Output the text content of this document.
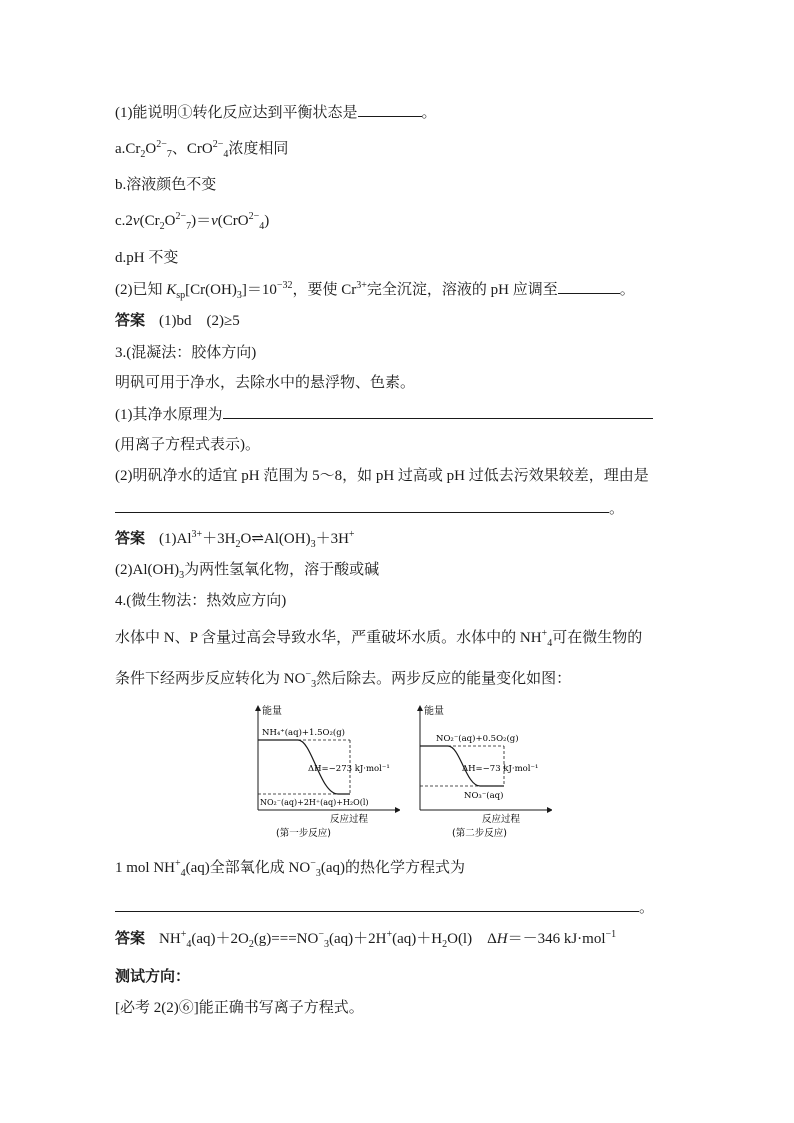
(1)能说明①转化反应达到平衡状态是	。
$a.Cr_2O^{2-}_7$、CrO$^{2-}_4$浓度相同
b.溶液颜色不变
$c.2v(Cr_2O^{2-}_7)=v(CrO^{2-}_4)$
d.pH 不变
(2)已知 $K_{sp}[Cr(OH)_3]=10^{-32}$，要使 $Cr^{3+}$完全沉淀，溶液的 pH 应调至	。
答案 (1)bd　(2)≥5
3.(混凝法：胶体方向)
明矾可用于净水，去除水中的悬浮物、色素。
(1)其净水原理为
(用离子方程式表示)。
(2)明矾净水的适宜 pH 范围为 5～8，如 pH 过高或 pH 过低去污效果较差，理由是
。
答案 $(1)Al^{3+}+3H_2O\rightleftharpoons Al(OH)_3+3H^+$
$(2)Al(OH)_3$为两性氢氧化物，溶于酸或碱
4.(微生物法：热效应方向)
水体中 N、P 含量过高会导致水华，严重破坏水质。水体中的 $NH^+_4$可在微生物的
条件下经两步反应转化为 $NO^-_3$然后除去。两步反应的能量变化如图：
能量
NH₄⁺(aq)+1.5O₂(g)
ΔH=−273 kJ·mol⁻¹
NO₂⁻(aq)+2H⁺(aq)+H₂O(l)
反应过程
(第一步反应)
能量
NO₂⁻(aq)+0.5O₂(g)
ΔH=−73 kJ·mol⁻¹
NO₃⁻(aq)
反应过程
(第二步反应)
1 mol $NH^+_4(aq)$全部氧化成 $NO^-_3(aq)$的热化学方程式为
。
答案 $NH^+_4(aq)+2O_2(g)===NO^-_3(aq)+2H^+(aq)+H_2O(l)$　ΔH＝－346 kJ·mol$^{-1}$
测试方向：
[必考 2(2)⑥]能正确书写离子方程式。
